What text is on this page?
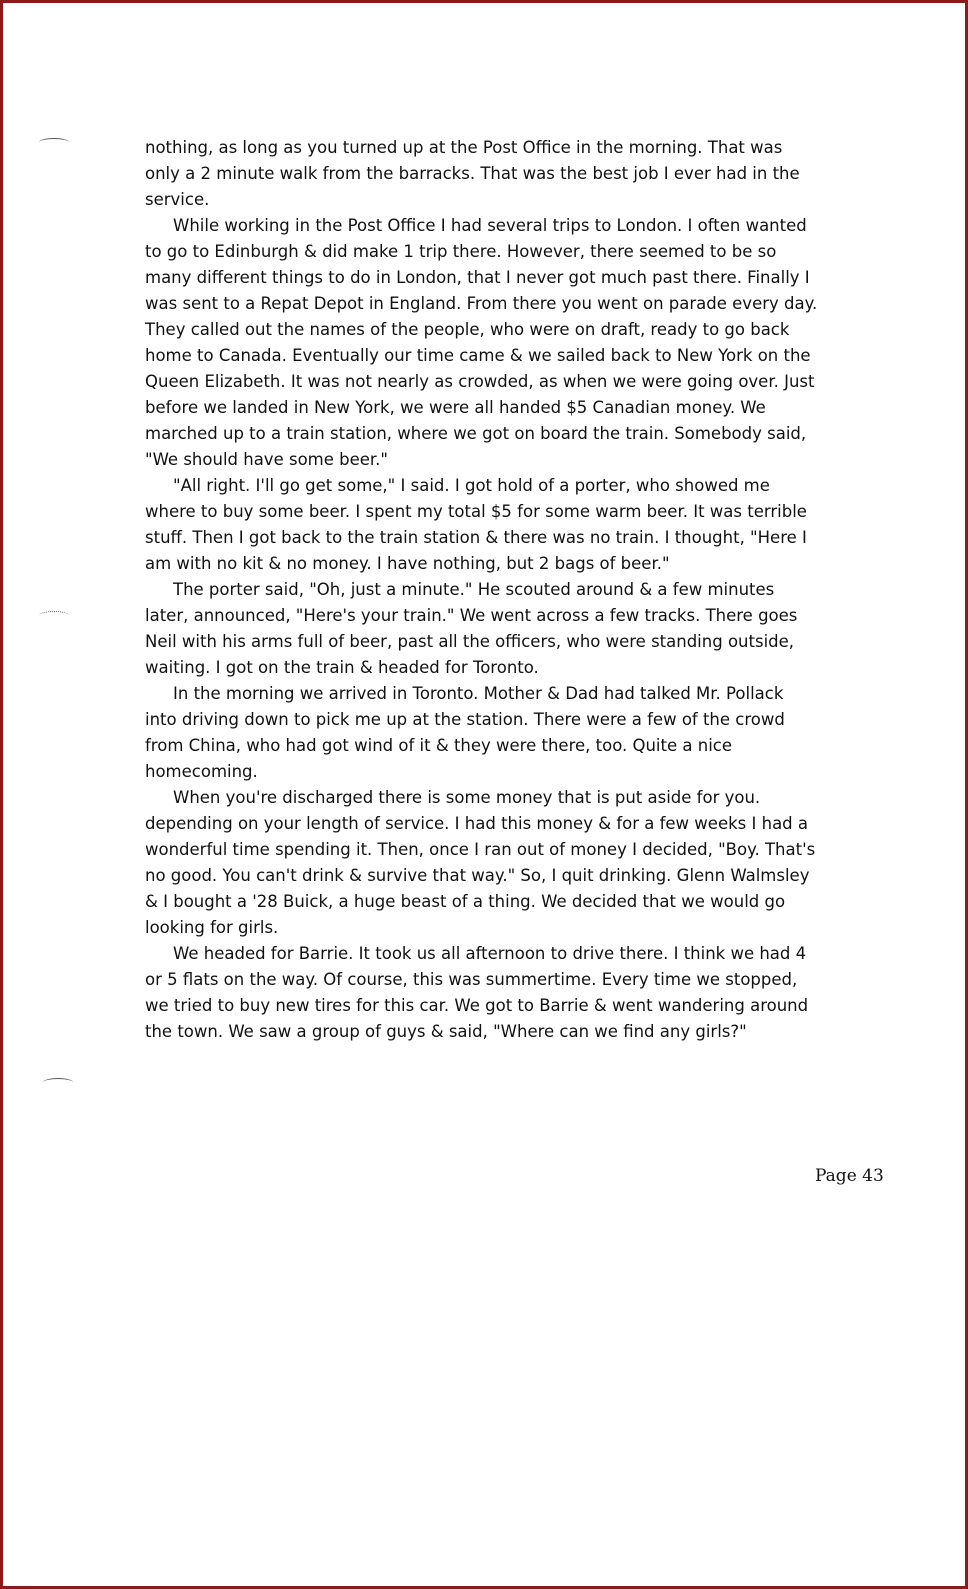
nothing, as long as you turned up at the Post Office in the morning. That was only a 2 minute walk from the barracks. That was the best job I ever had in the service.

While working in the Post Office I had several trips to London. I often wanted to go to Edinburgh & did make 1 trip there. However, there seemed to be so many different things to do in London, that I never got much past there. Finally I was sent to a Repat Depot in England. From there you went on parade every day. They called out the names of the people, who were on draft, ready to go back home to Canada. Eventually our time came & we sailed back to New York on the Queen Elizabeth. It was not nearly as crowded, as when we were going over. Just before we landed in New York, we were all handed $5 Canadian money. We marched up to a train station, where we got on board the train. Somebody said, "We should have some beer."

"All right. I'll go get some," I said. I got hold of a porter, who showed me where to buy some beer. I spent my total $5 for some warm beer. It was terrible stuff. Then I got back to the train station & there was no train. I thought, "Here I am with no kit & no money. I have nothing, but 2 bags of beer."

The porter said, "Oh, just a minute." He scouted around & a few minutes later, announced, "Here's your train." We went across a few tracks. There goes Neil with his arms full of beer, past all the officers, who were standing outside, waiting. I got on the train & headed for Toronto.

In the morning we arrived in Toronto. Mother & Dad had talked Mr. Pollack into driving down to pick me up at the station. There were a few of the crowd from China, who had got wind of it & they were there, too. Quite a nice homecoming.

When you're discharged there is some money that is put aside for you. depending on your length of service. I had this money & for a few weeks I had a wonderful time spending it. Then, once I ran out of money I decided, "Boy. That's no good. You can't drink & survive that way." So, I quit drinking. Glenn Walmsley & I bought a '28 Buick, a huge beast of a thing. We decided that we would go looking for girls.

We headed for Barrie. It took us all afternoon to drive there. I think we had 4 or 5 flats on the way. Of course, this was summertime. Every time we stopped, we tried to buy new tires for this car. We got to Barrie & went wandering around the town. We saw a group of guys & said, "Where can we find any girls?"

Page 43
